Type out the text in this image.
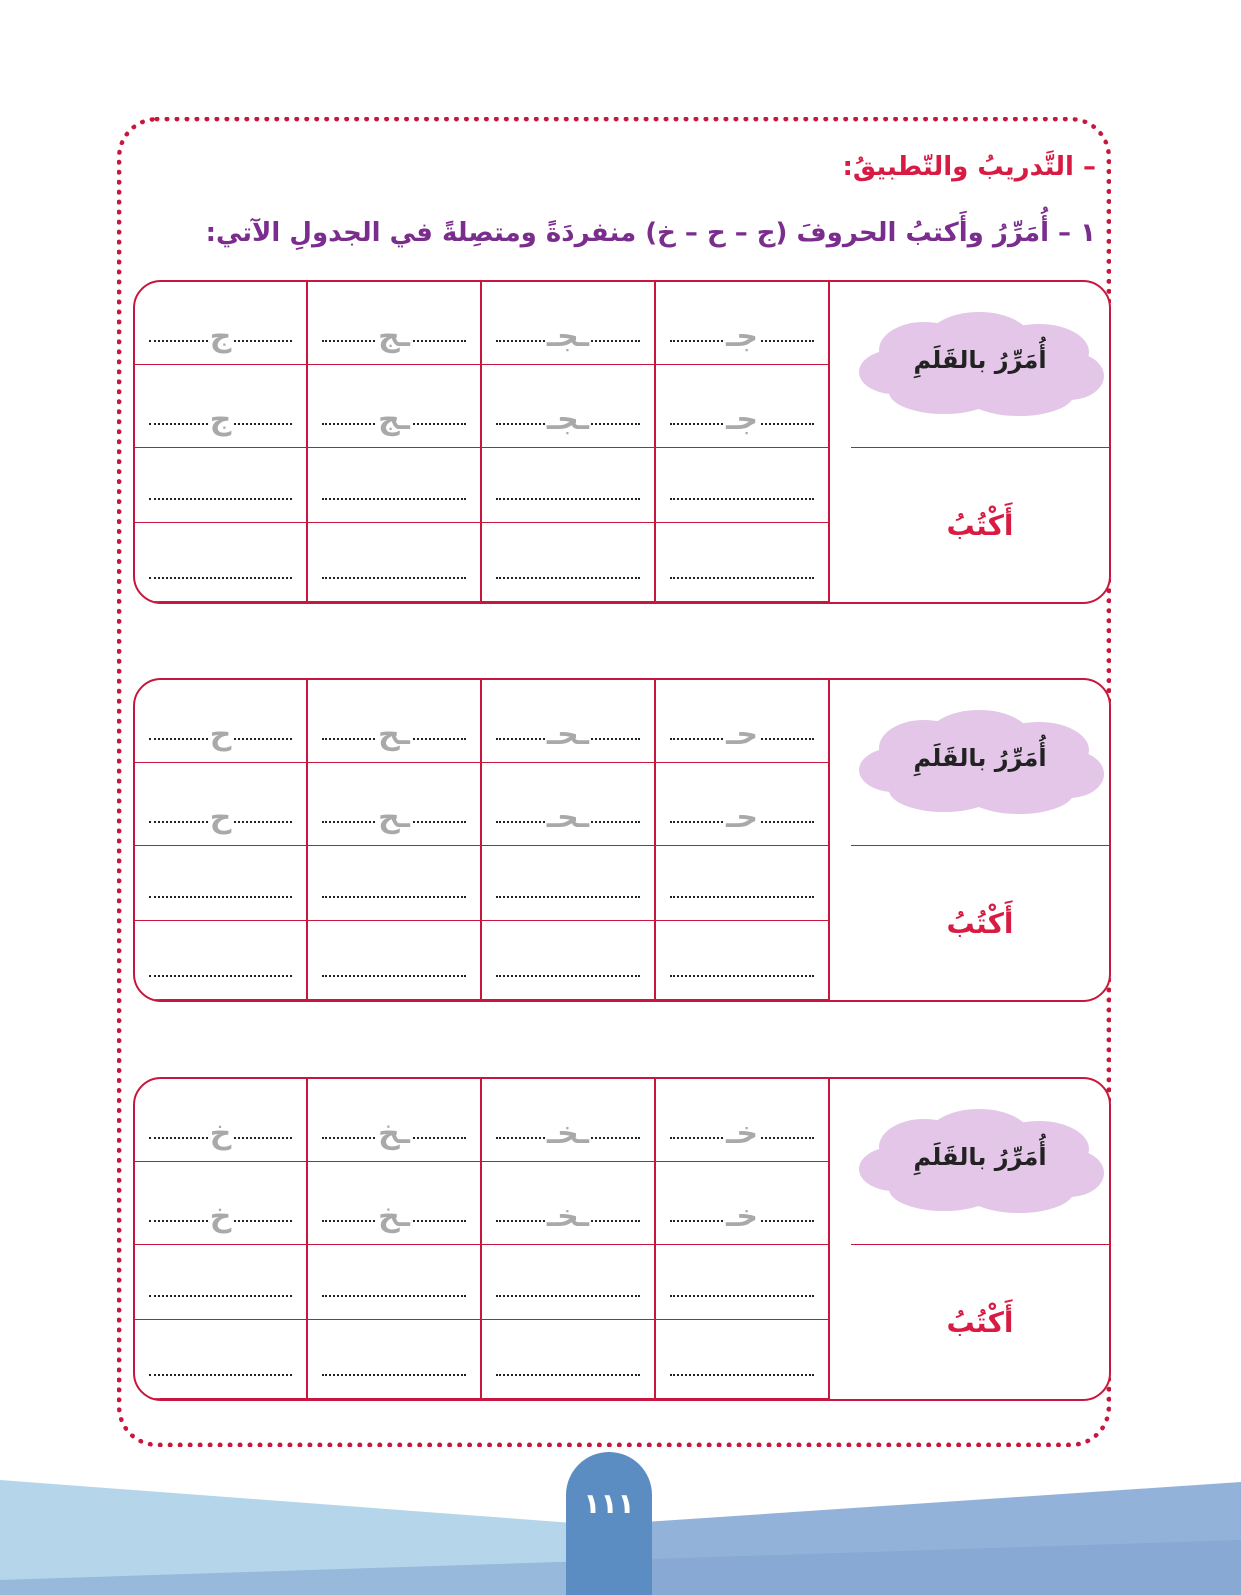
– التَّدريبُ والتّطبيقُ:
١ – أُمَرِّرُ وأَكتبُ الحروفَ (ج – ح – خ) منفردَةً ومتصِلةً في الجدولِ الآتي:
ج	ـج	ـجـ	جـ
ج	ـج	ـجـ	جـ
أُمَرِّرُ بالقَلَمِ
أَكْتُبُ
ح	ـح	ـحـ	حـ
ح	ـح	ـحـ	حـ
أُمَرِّرُ بالقَلَمِ
أَكْتُبُ
خ	ـخ	ـخـ	خـ
خ	ـخ	ـخـ	خـ
أُمَرِّرُ بالقَلَمِ
أَكْتُبُ
١١١
